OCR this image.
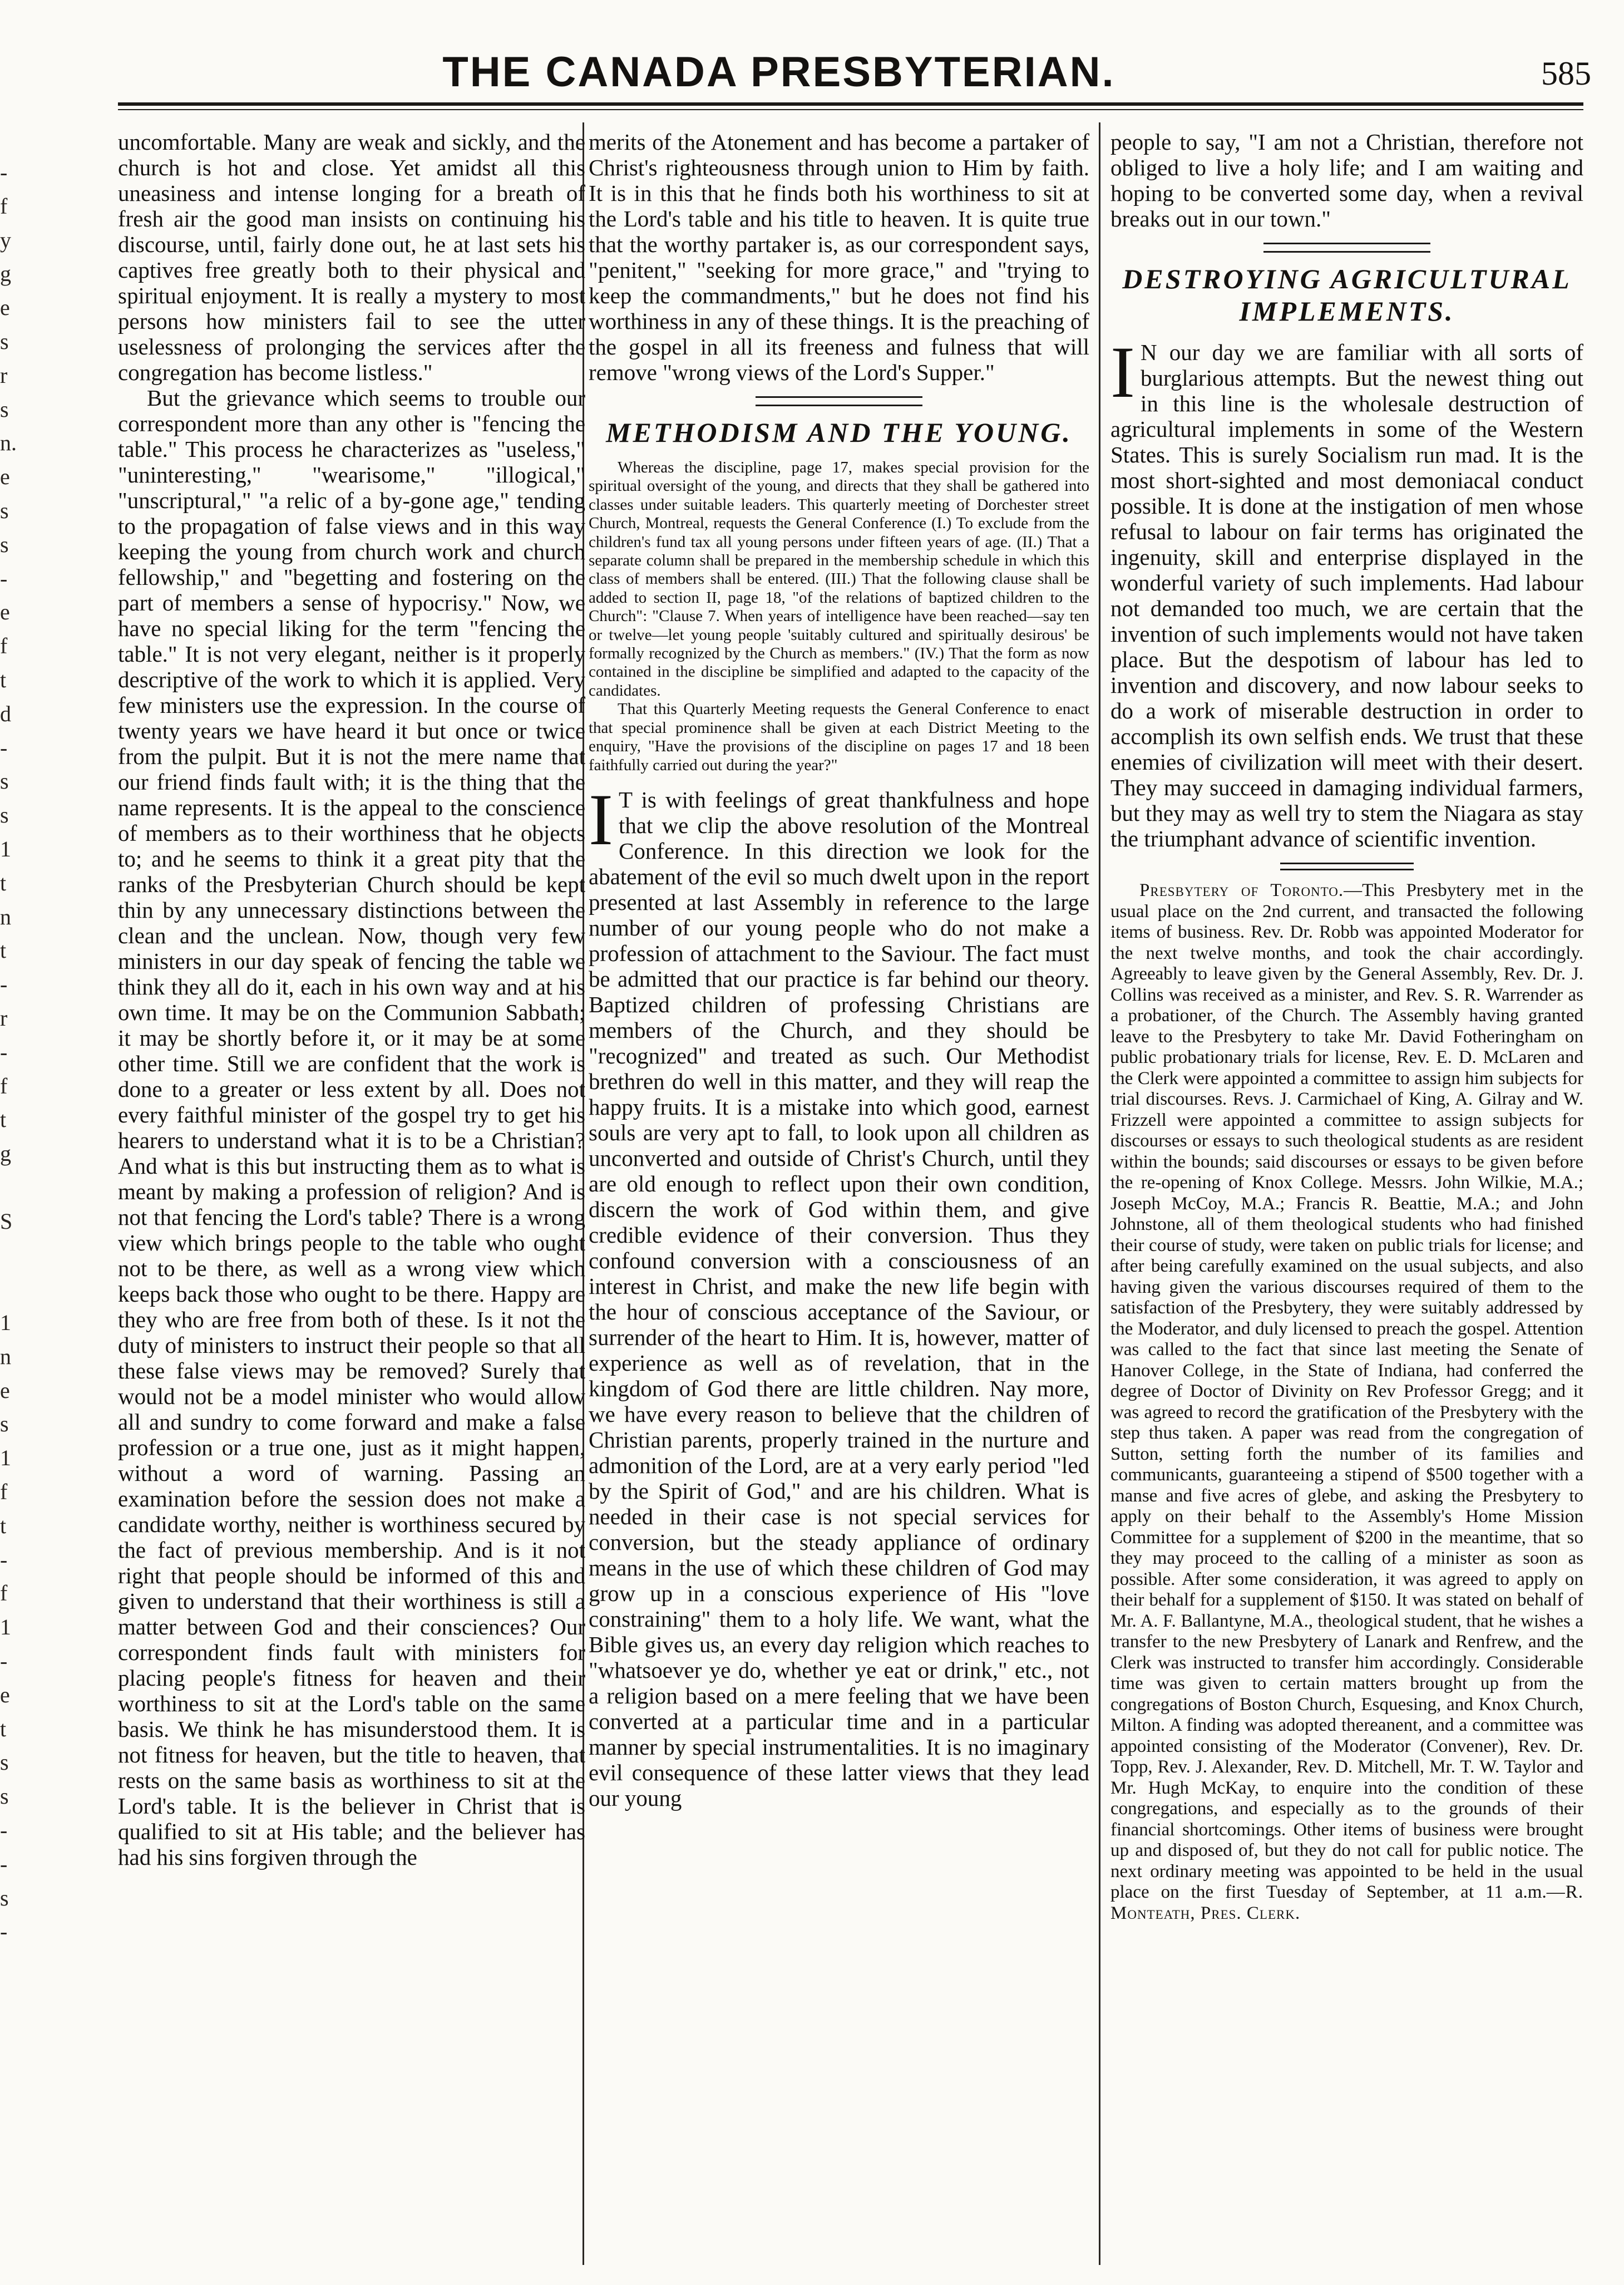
-
f
y
g
e
s
r
s
n.
e
s
s
-
e
f
t
d
-
s
s
1
t
n
t
-
r
-
f
t
g
S
1
n
e
s
1
f
t
-
f
1
-
e
t
s
s
-
-
s
-
THE CANADA PRESBYTERIAN.	585

uncomfortable. Many are weak and sickly, and the church is hot and close. Yet amidst all this uneasiness and intense longing for a breath of fresh air the good man insists on continuing his discourse, until, fairly done out, he at last sets his captives free greatly both to their physical and spiritual enjoyment. It is really a mystery to most persons how ministers fail to see the utter uselessness of prolonging the services after the congregation has become listless."

But the grievance which seems to trouble our correspondent more than any other is "fencing the table." This process he characterizes as "useless," "uninteresting," "wearisome," "illogical," "unscriptural," "a relic of a by-gone age," tending to the propagation of false views and in this way keeping the young from church work and church fellowship," and "begetting and fostering on the part of members a sense of hypocrisy." Now, we have no special liking for the term "fencing the table." It is not very elegant, neither is it properly descriptive of the work to which it is applied. Very few ministers use the expression. In the course of twenty years we have heard it but once or twice from the pulpit. But it is not the mere name that our friend finds fault with; it is the thing that the name represents. It is the appeal to the conscience of members as to their worthiness that he objects to; and he seems to think it a great pity that the ranks of the Presbyterian Church should be kept thin by any unnecessary distinctions between the clean and the unclean. Now, though very few ministers in our day speak of fencing the table we think they all do it, each in his own way and at his own time. It may be on the Communion Sabbath; it may be shortly before it, or it may be at some other time. Still we are confident that the work is done to a greater or less extent by all. Does not every faithful minister of the gospel try to get his hearers to understand what it is to be a Christian? And what is this but instructing them as to what is meant by making a profession of religion? And is not that fencing the Lord's table? There is a wrong view which brings people to the table who ought not to be there, as well as a wrong view which keeps back those who ought to be there. Happy are they who are free from both of these. Is it not the duty of ministers to instruct their people so that all these false views may be removed? Surely that would not be a model minister who would allow all and sundry to come forward and make a false profession or a true one, just as it might happen, without a word of warning. Passing an examination before the session does not make a candidate worthy, neither is worthiness secured by the fact of previous membership. And is it not right that people should be informed of this and given to understand that their worthiness is still a matter between God and their consciences? Our correspondent finds fault with ministers for placing people's fitness for heaven and their worthiness to sit at the Lord's table on the same basis. We think he has misunderstood them. It is not fitness for heaven, but the title to heaven, that rests on the same basis as worthiness to sit at the Lord's table. It is the believer in Christ that is qualified to sit at His table; and the believer has had his sins forgiven through the

merits of the Atonement and has become a partaker of Christ's righteousness through union to Him by faith. It is in this that he finds both his worthiness to sit at the Lord's table and his title to heaven. It is quite true that the worthy partaker is, as our correspondent says, "penitent," "seeking for more grace," and "trying to keep the commandments," but he does not find his worthiness in any of these things. It is the preaching of the gospel in all its freeness and fulness that will remove "wrong views of the Lord's Supper."

METHODISM AND THE YOUNG.

Whereas the discipline, page 17, makes special provision for the spiritual oversight of the young, and directs that they shall be gathered into classes under suitable leaders. This quarterly meeting of Dorchester street Church, Montreal, requests the General Conference (I.) To exclude from the children's fund tax all young persons under fifteen years of age. (II.) That a separate column shall be prepared in the membership schedule in which this class of members shall be entered. (III.) That the following clause shall be added to section II, page 18, "of the relations of baptized children to the Church": "Clause 7. When years of intelligence have been reached—say ten or twelve—let young people 'suitably cultured and spiritually desirous' be formally recognized by the Church as members." (IV.) That the form as now contained in the discipline be simplified and adapted to the capacity of the candidates.

That this Quarterly Meeting requests the General Conference to enact that special prominence shall be given at each District Meeting to the enquiry, "Have the provisions of the discipline on pages 17 and 18 been faithfully carried out during the year?"

IT is with feelings of great thankfulness and hope that we clip the above resolution of the Montreal Conference. In this direction we look for the abatement of the evil so much dwelt upon in the report presented at last Assembly in reference to the large number of our young people who do not make a profession of attachment to the Saviour. The fact must be admitted that our practice is far behind our theory. Baptized children of professing Christians are members of the Church, and they should be "recognized" and treated as such. Our Methodist brethren do well in this matter, and they will reap the happy fruits. It is a mistake into which good, earnest souls are very apt to fall, to look upon all children as unconverted and outside of Christ's Church, until they are old enough to reflect upon their own condition, discern the work of God within them, and give credible evidence of their conversion. Thus they confound conversion with a consciousness of an interest in Christ, and make the new life begin with the hour of conscious acceptance of the Saviour, or surrender of the heart to Him. It is, however, matter of experience as well as of revelation, that in the kingdom of God there are little children. Nay more, we have every reason to believe that the children of Christian parents, properly trained in the nurture and admonition of the Lord, are at a very early period "led by the Spirit of God," and are his children. What is needed in their case is not special services for conversion, but the steady appliance of ordinary means in the use of which these children of God may grow up in a conscious experience of His "love constraining" them to a holy life. We want, what the Bible gives us, an every day religion which reaches to "whatsoever ye do, whether ye eat or drink," etc., not a religion based on a mere feeling that we have been converted at a particular time and in a particular manner by special instrumentalities. It is no imaginary evil consequence of these latter views that they lead our young

people to say, "I am not a Christian, therefore not obliged to live a holy life; and I am waiting and hoping to be converted some day, when a revival breaks out in our town."

DESTROYING AGRICULTURAL IMPLEMENTS.

IN our day we are familiar with all sorts of burglarious attempts. But the newest thing out in this line is the wholesale destruction of agricultural implements in some of the Western States. This is surely Socialism run mad. It is the most short-sighted and most demoniacal conduct possible. It is done at the instigation of men whose refusal to labour on fair terms has originated the ingenuity, skill and enterprise displayed in the wonderful variety of such implements. Had labour not demanded too much, we are certain that the invention of such implements would not have taken place. But the despotism of labour has led to invention and discovery, and now labour seeks to do a work of miserable destruction in order to accomplish its own selfish ends. We trust that these enemies of civilization will meet with their desert. They may succeed in damaging individual farmers, but they may as well try to stem the Niagara as stay the triumphant advance of scientific invention.

Presbytery of Toronto.—This Presbytery met in the usual place on the 2nd current, and transacted the following items of business. Rev. Dr. Robb was appointed Moderator for the next twelve months, and took the chair accordingly. Agreeably to leave given by the General Assembly, Rev. Dr. J. Collins was received as a minister, and Rev. S. R. Warrender as a probationer, of the Church. The Assembly having granted leave to the Presbytery to take Mr. David Fotheringham on public probationary trials for license, Rev. E. D. McLaren and the Clerk were appointed a committee to assign him subjects for trial discourses. Revs. J. Carmichael of King, A. Gilray and W. Frizzell were appointed a committee to assign subjects for discourses or essays to such theological students as are resident within the bounds; said discourses or essays to be given before the re-opening of Knox College. Messrs. John Wilkie, M.A.; Joseph McCoy, M.A.; Francis R. Beattie, M.A.; and John Johnstone, all of them theological students who had finished their course of study, were taken on public trials for license; and after being carefully examined on the usual subjects, and also having given the various discourses required of them to the satisfaction of the Presbytery, they were suitably addressed by the Moderator, and duly licensed to preach the gospel. Attention was called to the fact that since last meeting the Senate of Hanover College, in the State of Indiana, had conferred the degree of Doctor of Divinity on Rev Professor Gregg; and it was agreed to record the gratification of the Presbytery with the step thus taken. A paper was read from the congregation of Sutton, setting forth the number of its families and communicants, guaranteeing a stipend of $500 together with a manse and five acres of glebe, and asking the Presbytery to apply on their behalf to the Assembly's Home Mission Committee for a supplement of $200 in the meantime, that so they may proceed to the calling of a minister as soon as possible. After some consideration, it was agreed to apply on their behalf for a supplement of $150. It was stated on behalf of Mr. A. F. Ballantyne, M.A., theological student, that he wishes a transfer to the new Presbytery of Lanark and Renfrew, and the Clerk was instructed to transfer him accordingly. Considerable time was given to certain matters brought up from the congregations of Boston Church, Esquesing, and Knox Church, Milton. A finding was adopted thereanent, and a committee was appointed consisting of the Moderator (Convener), Rev. Dr. Topp, Rev. J. Alexander, Rev. D. Mitchell, Mr. T. W. Taylor and Mr. Hugh McKay, to enquire into the condition of these congregations, and especially as to the grounds of their financial shortcomings. Other items of business were brought up and disposed of, but they do not call for public notice. The next ordinary meeting was appointed to be held in the usual place on the first Tuesday of September, at 11 a.m.—R. Monteath, Pres. Clerk.
